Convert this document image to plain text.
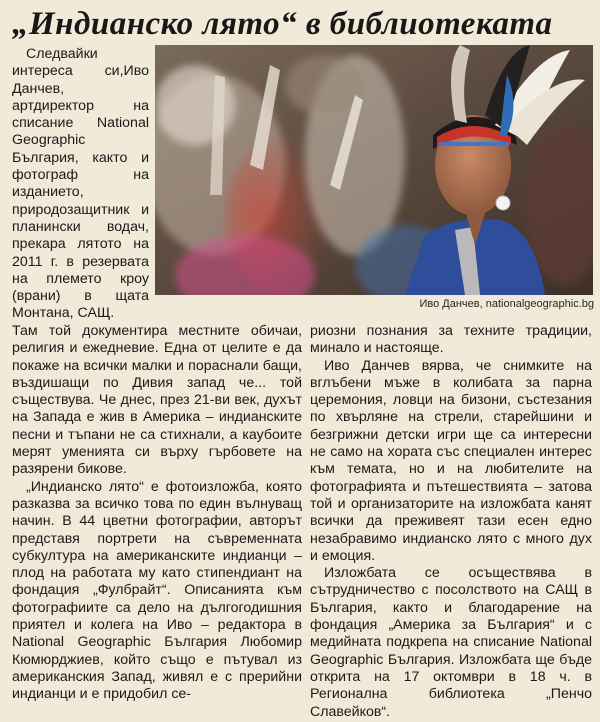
„Индианско лято“ в библиотеката
Иво Данчев, nationalgeographic.bg

Следвайки интереса си,Иво Данчев, артдиректор на списание National Geographic България, както и фотограф на изданието, природозащитник и планински водач, прекара лятото на 2011 г. в резервата на племето кроу (врани) в щата Монтана, САЩ.

Там той документира местните обичаи, религия и ежедневие. Една от целите е да покаже на всички малки и пораснали бащи, въздишащи по Дивия запад че... той съществува. Че днес, през 21-ви век, духът на Запада е жив в Америка – индианските песни и тъпани не са стихнали, а каубоите мерят уменията си върху гърбовете на разярени бикове.

„Индианско лято“ е фотоизложба, която разказва за всичко това по един вълнуващ начин. В 44 цветни фотографии, авторът представя портрети на съвременната субкултура на американските индианци – плод на работата му като стипендиант на фондация „Фулбрайт“. Описанията към фотографиите са дело на дългогодишния приятел и колега на Иво – редактора в National Geographic България Любомир Кюмюрджиев, който също е пътувал из американския Запад, живял е с прерийни индианци и е придобил се-

риозни познания за техните традиции, минало и настояще.

Иво Данчев вярва, че снимките на вглъбени мъже в колибата за парна церемония, ловци на бизони, състезания по хвърляне на стрели, старейшини и безгрижни детски игри ще са интересни не само на хората със специален интерес към темата, но и на любителите на фотографията и пътешествията – затова той и организаторите на изложбата канят всички да преживеят тази есен едно незабравимо индианско лято с много дух и емоция.

Изложбата се осъществява в сътрудничество с посолството на САЩ в България, както и благодарение на фондация „Америка за България“ и с медийната подкрепа на списание National Geographic България. Изложбата ще бъде открита на 17 октомври в 18 ч. в Регионална библиотека „Пенчо Славейков“.
